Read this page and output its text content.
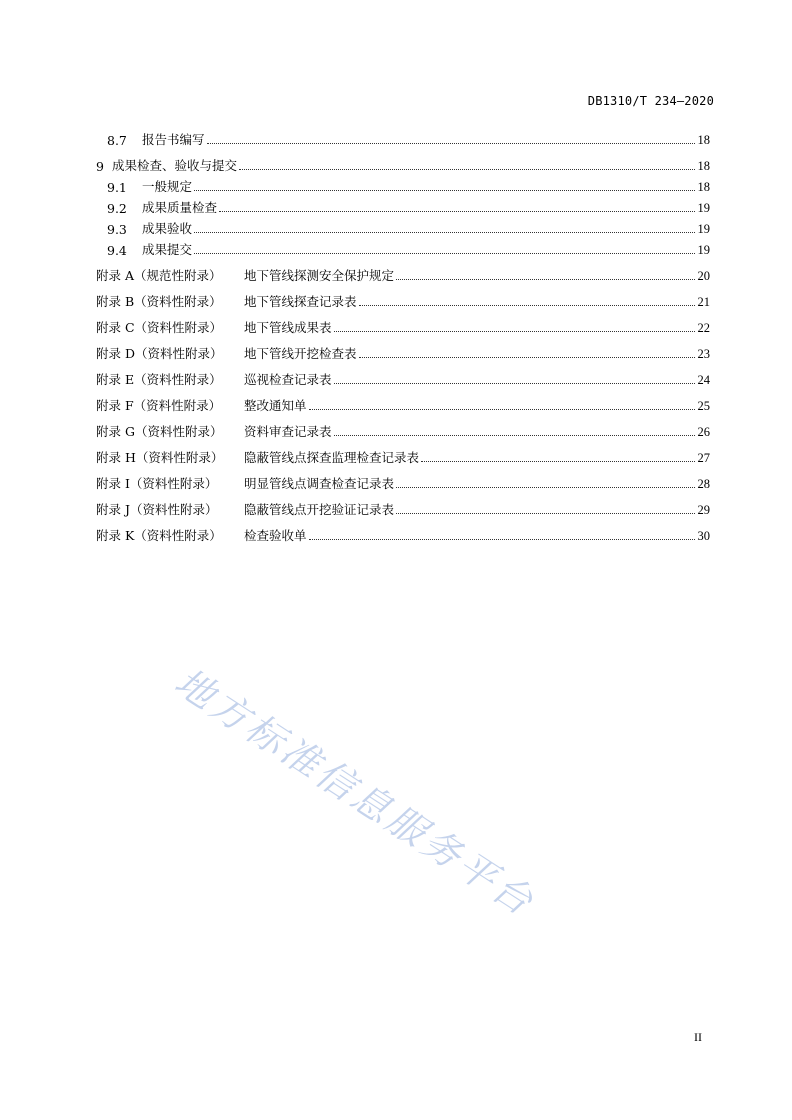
DB1310/T 234—2020
8.7	报告书编写	18
9 成果检查、验收与提交	18
9.1	一般规定	18
9.2	成果质量检查	19
9.3	成果验收	19
9.4	成果提交	19
附录 A（规范性附录）	地下管线探测安全保护规定	20
附录 B（资料性附录）	地下管线探查记录表	21
附录 C（资料性附录）	地下管线成果表	22
附录 D（资料性附录）	地下管线开挖检查表	23
附录 E（资料性附录）	巡视检查记录表	24
附录 F（资料性附录）	整改通知单	25
附录 G（资料性附录）	资料审查记录表	26
附录 H（资料性附录）	隐蔽管线点探查监理检查记录表	27
附录 I（资料性附录）	明显管线点调查检查记录表	28
附录 J（资料性附录）	隐蔽管线点开挖验证记录表	29
附录 K（资料性附录）	检查验收单	30
地方标准信息服务平台
II
